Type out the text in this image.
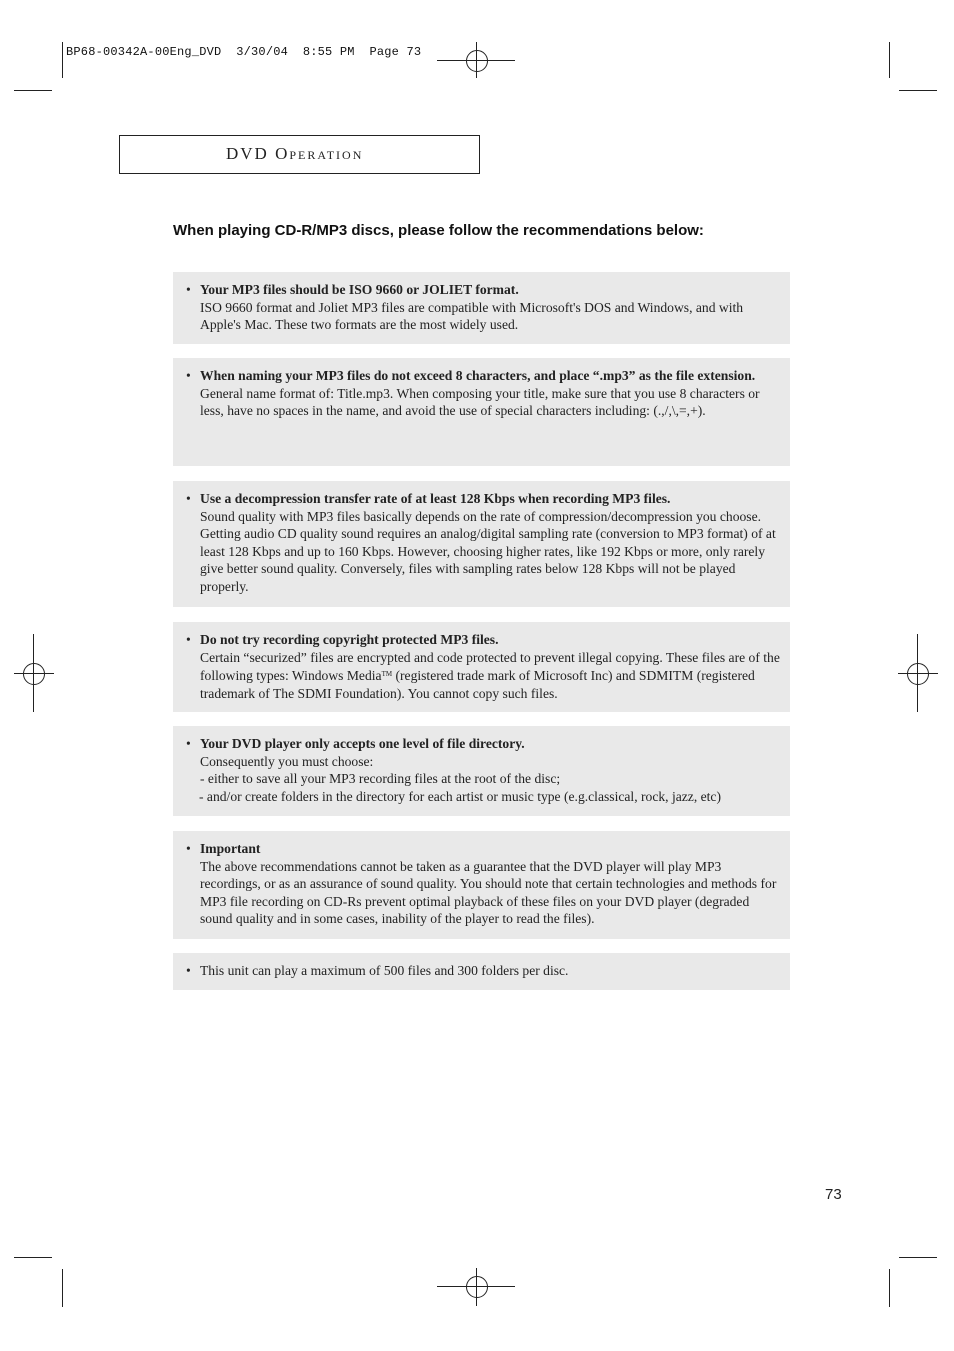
BP68-00342A-00Eng_DVD  3/30/04  8:55 PM  Page 73
DVD Operation
When playing CD-R/MP3 discs, please follow the recommendations below:
• Your MP3 files should be ISO 9660 or JOLIET format.

ISO 9660 format and Joliet MP3 files are compatible with Microsoft's DOS and Windows, and with Apple's Mac. These two formats are the most widely used.

• When naming your MP3 files do not exceed 8 characters, and place “.mp3” as the file extension.

General name format of: Title.mp3. When composing your title, make sure that you use 8 characters or less, have no spaces in the name, and avoid the use of special characters including: (.,/,\,=,+).

• Use a decompression transfer rate of at least 128 Kbps when recording MP3 files.

Sound quality with MP3 files basically depends on the rate of compression/decompression you choose. Getting audio CD quality sound requires an analog/digital sampling rate (conversion to MP3 format) of at least 128 Kbps and up to 160 Kbps. However, choosing higher rates, like 192 Kbps or more, only rarely give better sound quality. Conversely, files with sampling rates below 128 Kbps will not be played properly.

• Do not try recording copyright protected MP3 files.

Certain “securized” files are encrypted and code protected to prevent illegal copying. These files are of the following types: Windows Media™ (registered trade mark of Microsoft Inc) and SDMITM (registered trademark of The SDMI Foundation). You cannot copy such files.

• Your DVD player only accepts one level of file directory.

Consequently you must choose:

- either to save all your MP3 recording files at the root of the disc;

- and/or create folders in the directory for each artist or music type (e.g.classical, rock, jazz, etc)

• Important

The above recommendations cannot be taken as a guarantee that the DVD player will play MP3 recordings, or as an assurance of sound quality. You should note that certain technologies and methods for MP3 file recording on CD-Rs prevent optimal playback of these files on your DVD player (degraded sound quality and in some cases, inability of the player to read the files).

• This unit can play a maximum of 500 files and 300 folders per disc.

73
